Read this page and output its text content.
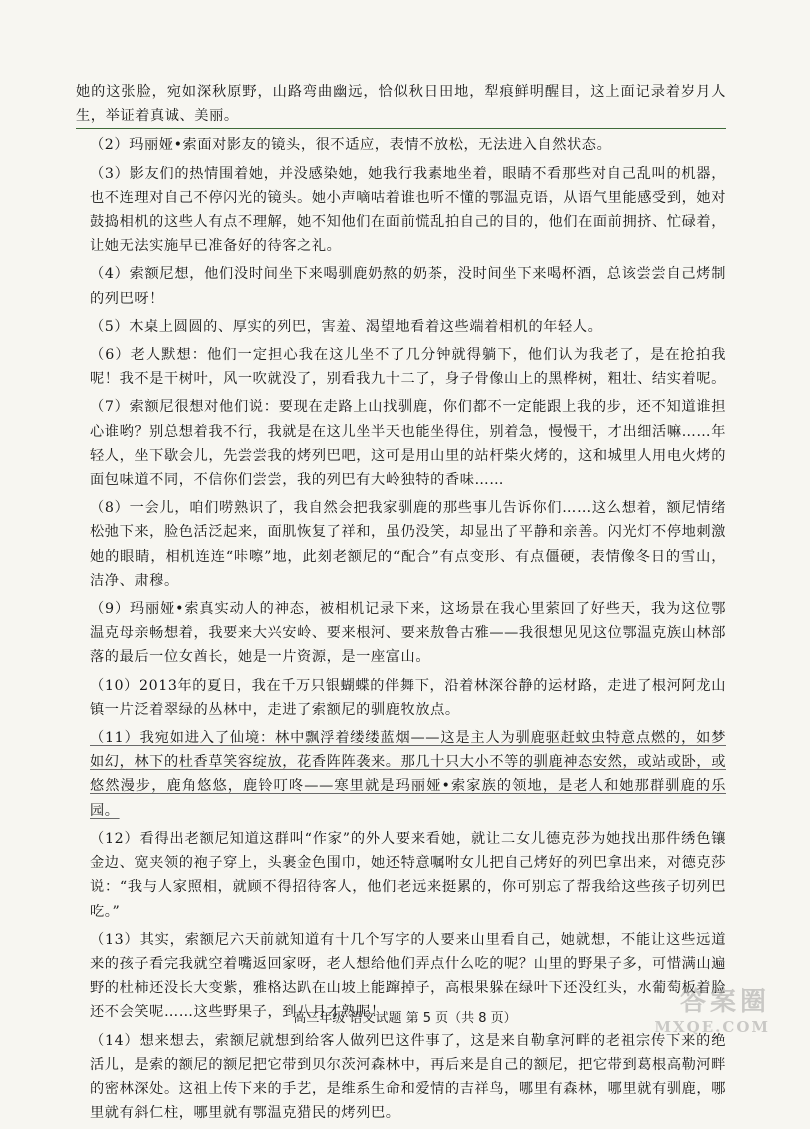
她的这张脸，宛如深秋原野，山路弯曲幽远，恰似秋日田地，犁痕鲜明醒目，这上面记录着岁月人生，举证着真诚、美丽。

（2）玛丽娅•索面对影友的镜头，很不适应，表情不放松，无法进入自然状态。

（3）影友们的热情围着她，并没感染她，她我行我素地坐着，眼睛不看那些对自己乱叫的机器，也不连理对自己不停闪光的镜头。她小声嘀咕着谁也听不懂的鄂温克语，从语气里能感受到，她对鼓捣相机的这些人有点不理解，她不知他们在面前慌乱拍自己的目的，他们在面前拥挤、忙碌着，让她无法实施早已准备好的待客之礼。

（4）索额尼想，他们没时间坐下来喝驯鹿奶熬的奶茶，没时间坐下来喝杯酒，总该尝尝自己烤制的列巴呀！

（5）木桌上圆圆的、厚实的列巴，害羞、渴望地看着这些端着相机的年轻人。

（6）老人默想：他们一定担心我在这儿坐不了几分钟就得躺下，他们认为我老了，是在抢拍我呢！我不是干树叶，风一吹就没了，别看我九十二了，身子骨像山上的黑桦树，粗壮、结实着呢。

（7）索额尼很想对他们说：要现在走路上山找驯鹿，你们都不一定能跟上我的步，还不知道谁担心谁哟？别总想着我不行，我就是在这儿坐半天也能坐得住，别着急，慢慢干，才出细活嘛……年轻人，坐下歇会儿，先尝尝我的烤列巴吧，这可是用山里的站杆柴火烤的，这和城里人用电火烤的面包味道不同，不信你们尝尝，我的列巴有大岭独特的香味……

（8）一会儿，咱们唠熟识了，我自然会把我家驯鹿的那些事儿告诉你们……这么想着，额尼情绪松弛下来，脸色活泛起来，面肌恢复了祥和，虽仍没笑，却显出了平静和亲善。闪光灯不停地刺激她的眼睛，相机连连“咔嚓”地，此刻老额尼的“配合”有点变形、有点僵硬，表情像冬日的雪山，洁净、肃穆。

（9）玛丽娅•索真实动人的神态，被相机记录下来，这场景在我心里萦回了好些天，我为这位鄂温克母亲畅想着，我要来大兴安岭、要来根河、要来敖鲁古雅——我很想见见这位鄂温克族山林部落的最后一位女酋长，她是一片资源，是一座富山。

（10）2013年的夏日，我在千万只银蝴蝶的伴舞下，沿着林深谷静的运材路，走进了根河阿龙山镇一片泛着翠绿的丛林中，走进了索额尼的驯鹿牧放点。

（11）我宛如进入了仙境：林中飘浮着缕缕蓝烟——这是主人为驯鹿驱赶蚊虫特意点燃的，如梦如幻，林下的杜香草笑容绽放，花香阵阵袭来。那几十只大小不等的驯鹿神态安然，或站或卧，或悠然漫步，鹿角悠悠，鹿铃叮咚——寒里就是玛丽娅•索家族的领地，是老人和她那群驯鹿的乐园。

（12）看得出老额尼知道这群叫“作家”的外人要来看她，就让二女儿德克莎为她找出那件绣色镶金边、宽夹领的袍子穿上，头裹金色围巾，她还特意嘱咐女儿把自己烤好的列巴拿出来，对德克莎说：“我与人家照相，就顾不得招待客人，他们老远来挺累的，你可别忘了帮我给这些孩子切列巴吃。”

（13）其实，索额尼六天前就知道有十几个写字的人要来山里看自己，她就想，不能让这些远道来的孩子看完我就空着嘴返回家呀，老人想给他们弄点什么吃的呢？山里的野果子多，可惜满山遍野的杜柿还没长大变紫，雅格达趴在山坡上能蹿掉子，高根果躲在绿叶下还没红头，水葡萄板着脸还不会笑呢……这些野果子，到八月才熟呢！

（14）想来想去，索额尼就想到给客人做列巴这件事了，这是来自勒拿河畔的老祖宗传下来的绝活儿，是索的额尼的额尼把它带到贝尔茨河森林中，再后来是自己的额尼，把它带到葛根高勒河畔的密林深处。这祖上传下来的手艺，是维系生命和爱情的吉祥鸟，哪里有森林，哪里就有驯鹿，哪里就有斜仁柱，哪里就有鄂温克猎民的烤列巴。

高三年级 语文试题 第 5 页（共 8 页）
答案圈
MXQE.COM
